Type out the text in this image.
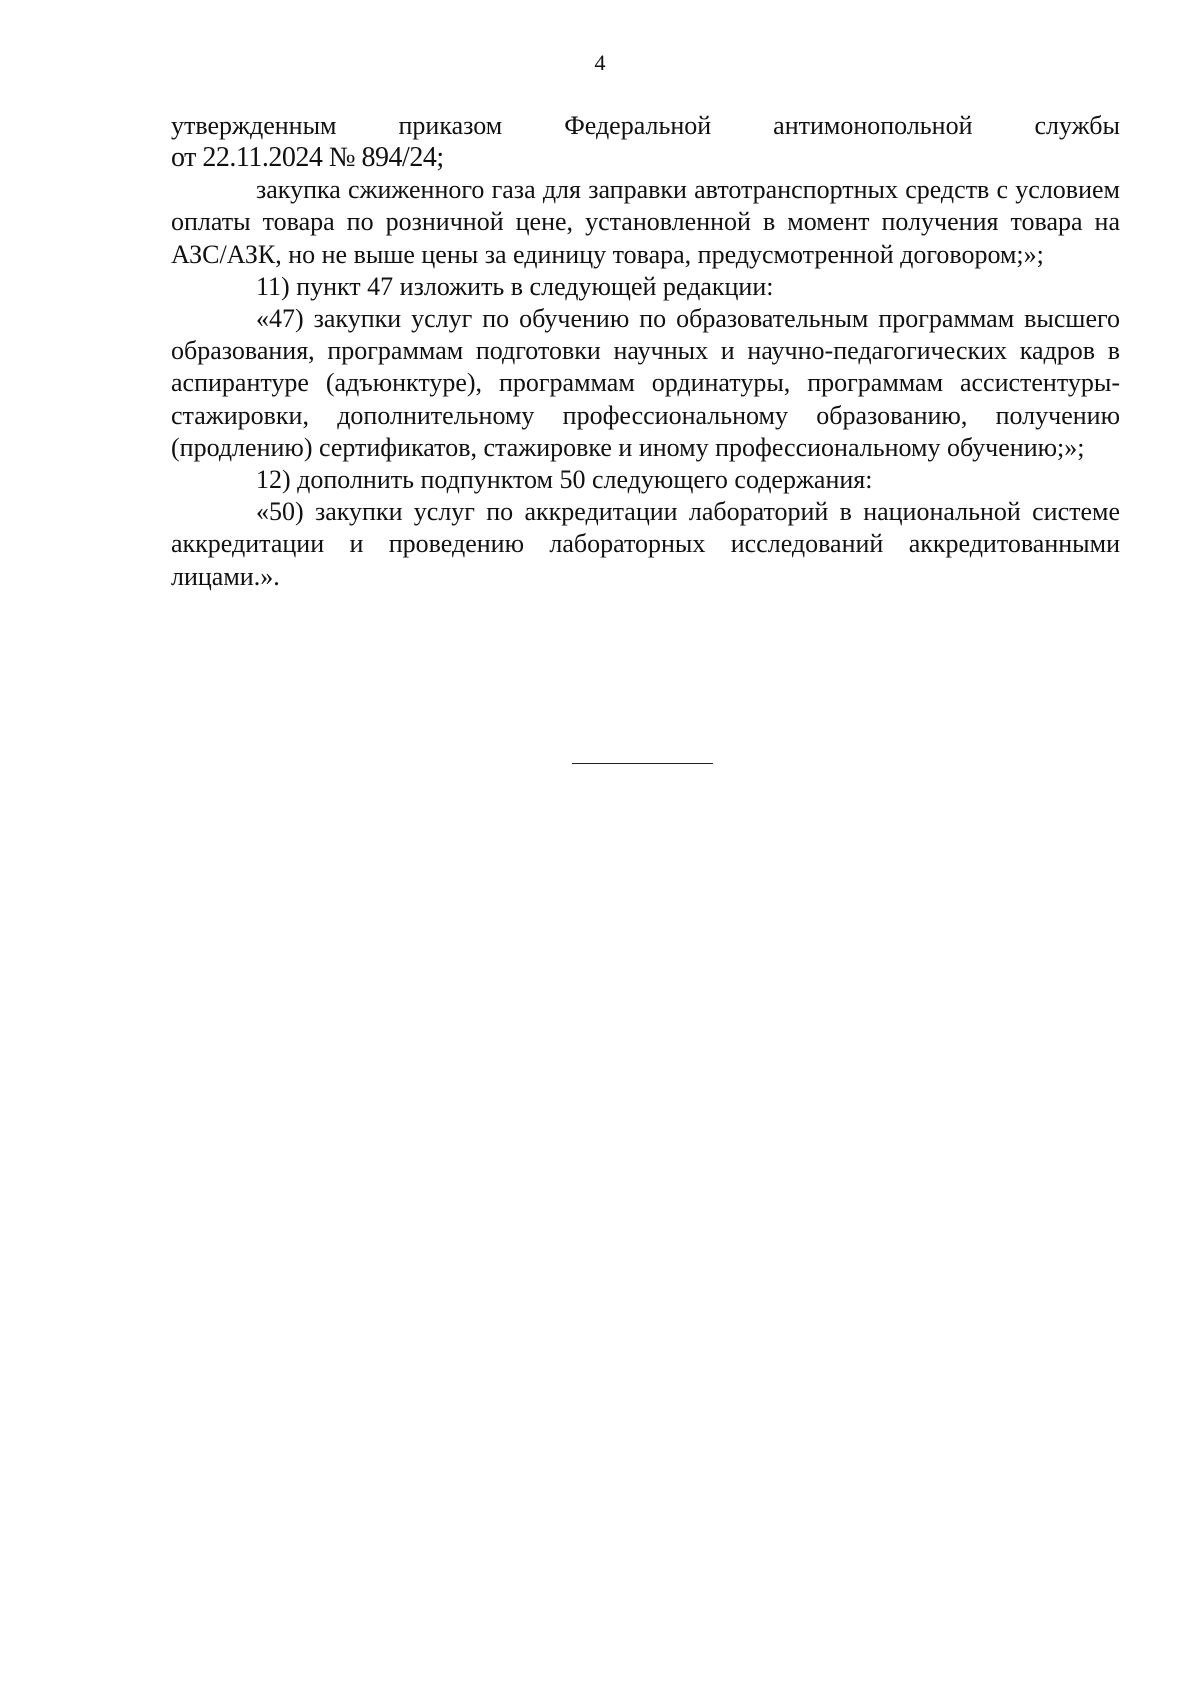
4

утвержденным приказом Федеральной антимонопольной службы

от 22.11.2024 № 894/24;

закупка сжиженного газа для заправки автотранспортных средств с условием оплаты товара по розничной цене, установленной в момент получения товара на АЗС/АЗК, но не выше цены за единицу товара, предусмотренной договором;»;

11) пункт 47 изложить в следующей редакции:

«47) закупки услуг по обучению по образовательным программам высшего образования, программам подготовки научных и научно-педагогических кадров в аспирантуре (адъюнктуре), программам ординатуры, программам ассистентуры-стажировки, дополнительному профессиональному образованию, получению (продлению) сертификатов, стажировке и иному профессиональному обучению;»;

12) дополнить подпунктом 50 следующего содержания:

«50) закупки услуг по аккредитации лабораторий в национальной системе аккредитации и проведению лабораторных исследований аккредитованными лицами.».
